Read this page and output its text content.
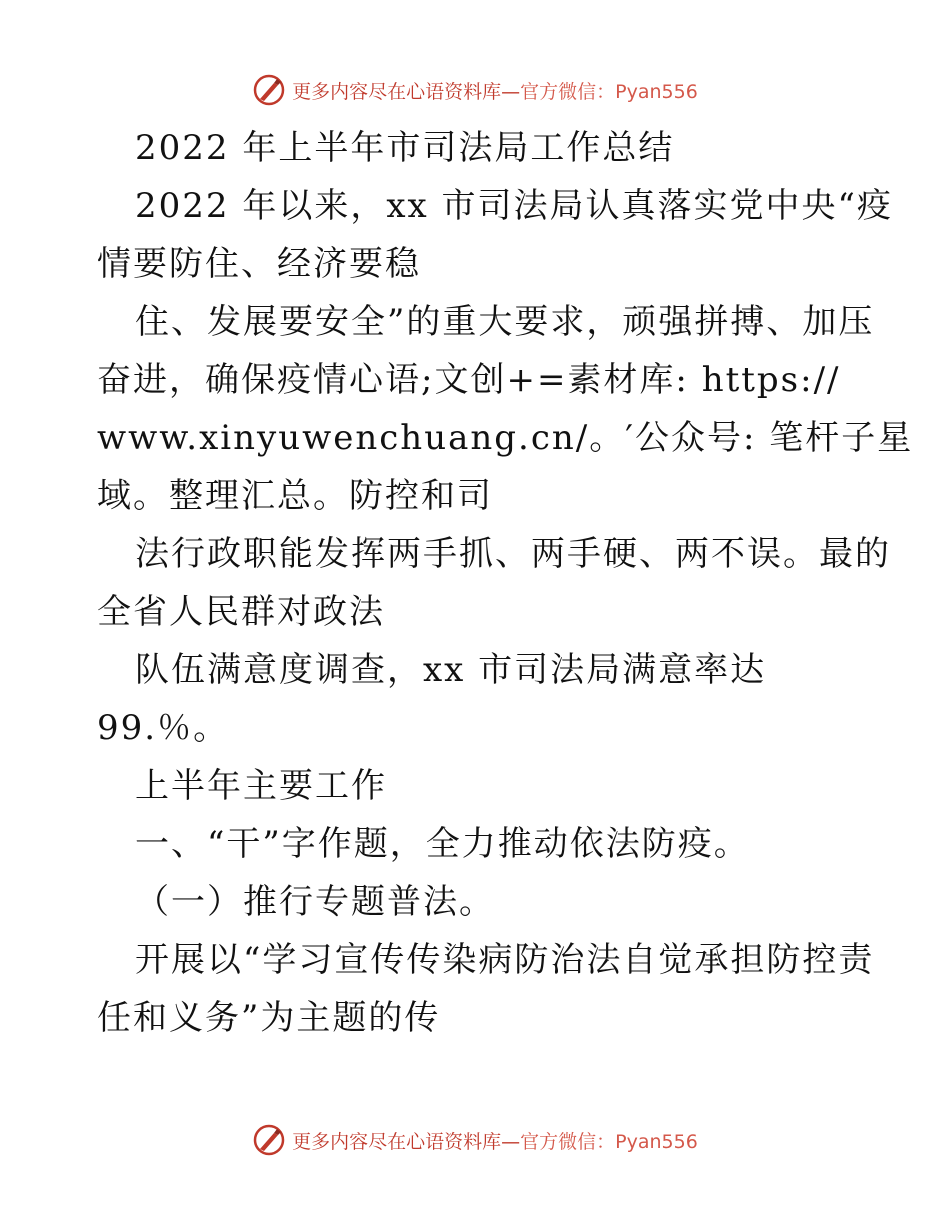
更多内容尽在心语资料库—官方微信：Pyan556
2022 年上半年市司法局工作总结
2022 年以来，xx 市司法局认真落实党中央“疫
情要防住、经济要稳
住、发展要安全”的重大要求，顽强拼搏、加压
奋进，确保疫情心语;文创+=素材库: https://
www.xinyuwenchuang.cn/。′公众号: 笔杆子星
域。整理汇总。防控和司
法行政职能发挥两手抓、两手硬、两不误。最的
全省人民群对政法
队伍满意度调查，xx 市司法局满意率达
99.％。
上半年主要工作
一、“干”字作题，全力推动依法防疫。
（一）推行专题普法。
开展以“学习宣传传染病防治法自觉承担防控责
任和义务”为主题的传
更多内容尽在心语资料库—官方微信：Pyan556
